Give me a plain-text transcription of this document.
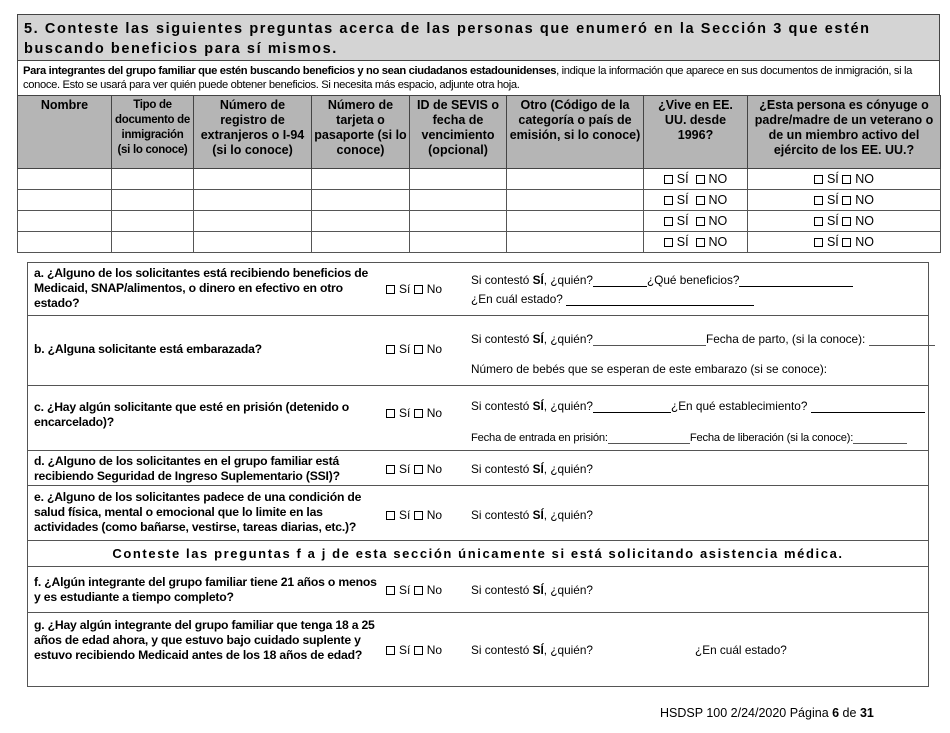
5. Conteste las siguientes preguntas acerca de las personas que enumeró en la Sección 3 que estén buscando beneficios para sí mismos.
Para integrantes del grupo familiar que estén buscando beneficios y no sean ciudadanos estadounidenses, indique la información que aparece en sus documentos de inmigración, si la conoce. Esto se usará para ver quién puede obtener beneficios. Si necesita más espacio, adjunte otra hoja.
Nombre	Tipo de documento de inmigración (si lo conoce)	Número de registro de extranjeros o I-94 (si lo conoce)	Número de tarjeta o pasaporte (si lo conoce)	ID de SEVIS o fecha de vencimiento (opcional)	Otro (Código de la categoría o país de emisión, si lo conoce)	¿Vive en EE. UU. desde 1996?	¿Esta persona es cónyuge o padre/madre de un veterano o de un miembro activo del ejército de los EE. UU.?
						SÍ NO	SÍ NO
						SÍ NO	SÍ NO
						SÍ NO	SÍ NO
						SÍ NO	SÍ NO
a. ¿Alguno de los solicitantes está recibiendo beneficios de Medicaid, SNAP/alimentos, o dinero en efectivo en otro estado?
Sí No
Si contestó SÍ, ¿quién?	¿Qué beneficios?
¿En cuál estado?
b. ¿Alguna solicitante está embarazada?	Sí No
Si contestó SÍ, ¿quién?	Fecha de parto, (si la conoce):
Número de bebés que se esperan de este embarazo (si se conoce):
c. ¿Hay algún solicitante que esté en prisión (detenido o encarcelado)?
Sí No Si contestó SÍ, ¿quién?	¿En qué establecimiento?
Fecha de entrada en prisión:	Fecha de liberación (si la conoce):
d. ¿Alguno de los solicitantes en el grupo familiar está recibiendo Seguridad de Ingreso Suplementario (SSI)?	Sí No Si contestó SÍ, ¿quién?
e. ¿Alguno de los solicitantes padece de una condición de salud física, mental o emocional que lo limite en las actividades (como bañarse, vestirse, tareas diarias, etc.)?
Sí No Si contestó SÍ, ¿quién?
Conteste las preguntas f a j de esta sección únicamente si está solicitando asistencia médica.
f. ¿Algún integrante del grupo familiar tiene 21 años o menos y es estudiante a tiempo completo?	Sí No Si contestó SÍ, ¿quién?
g. ¿Hay algún integrante del grupo familiar que tenga 18 a 25 años de edad ahora, y que estuvo bajo cuidado suplente y estuvo recibiendo Medicaid antes de los 18 años de edad?	Sí No Si contestó SÍ, ¿quién?	¿En cuál estado?
HSDSP 100 2/24/2020 Página 6 de 31
